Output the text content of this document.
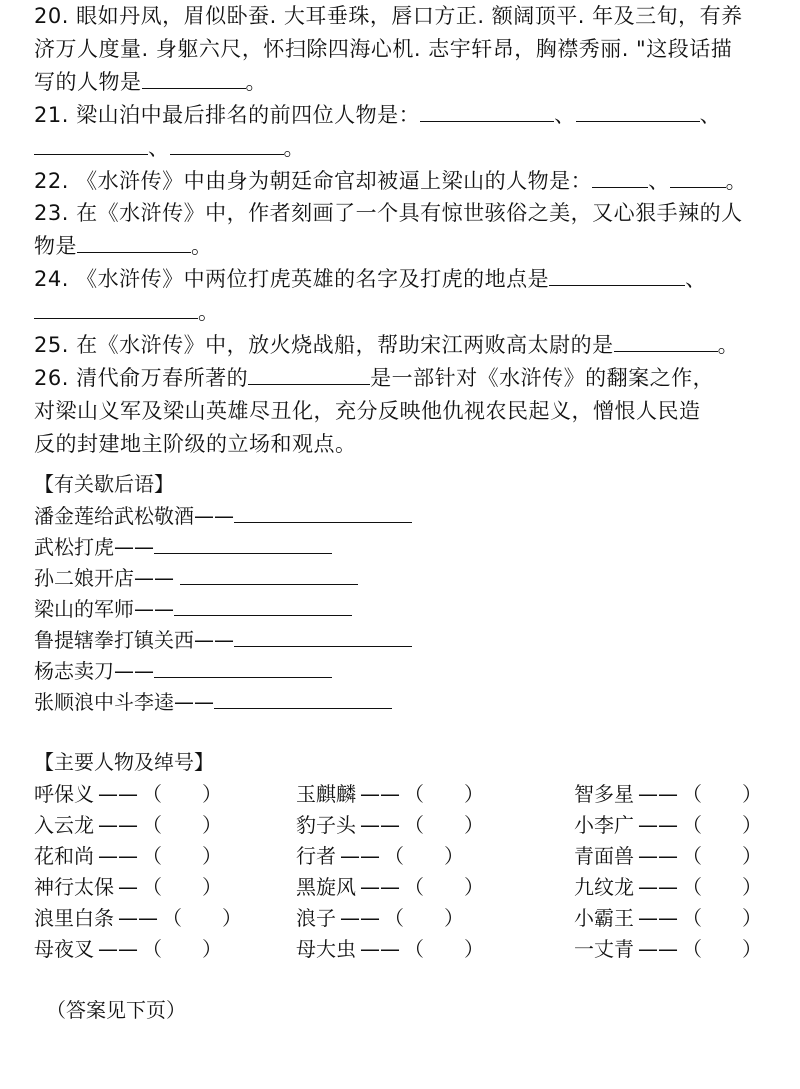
20. 眼如丹凤，眉似卧蚕. 大耳垂珠，唇口方正. 额阔顶平. 年及三旬，有养
济万人度量. 身躯六尺，怀扫除四海心机. 志宇轩昂，胸襟秀丽. "这段话描
写的人物是	。
21. 梁山泊中最后排名的前四位人物是：	、	、
、	。
22. 《水浒传》中由身为朝廷命官却被逼上梁山的人物是：	、	。
23. 在《水浒传》中，作者刻画了一个具有惊世骇俗之美，又心狠手辣的人
物是	。
24. 《水浒传》中两位打虎英雄的名字及打虎的地点是	、
。
25. 在《水浒传》中，放火烧战船，帮助宋江两败高太尉的是	。
26. 清代俞万春所著的	是一部针对《水浒传》的翻案之作，
对梁山义军及梁山英雄尽丑化，充分反映他仇视农民起义，憎恨人民造
反的封建地主阶级的立场和观点。
【有关歇后语】
潘金莲给武松敬酒——
武松打虎——
孙二娘开店——
梁山的军师——
鲁提辖拳打镇关西——
杨志卖刀——
张顺浪中斗李逵——
【主要人物及绰号】
呼保义 —— （ ）	玉麒麟 —— （ ）	智多星 —— （ ）
入云龙 —— （ ）	豹子头 —— （ ）	小李广 —— （ ）
花和尚 —— （ ）	行者 —— （ ）	青面兽 —— （ ）
神行太保 — （ ）	黑旋风 —— （ ）	九纹龙 —— （ ）
浪里白条 —— （ ）	浪子 —— （ ）	小霸王 —— （ ）
母夜叉 —— （ ）	母大虫 —— （ ）	一丈青 —— （ ）
（答案见下页）
